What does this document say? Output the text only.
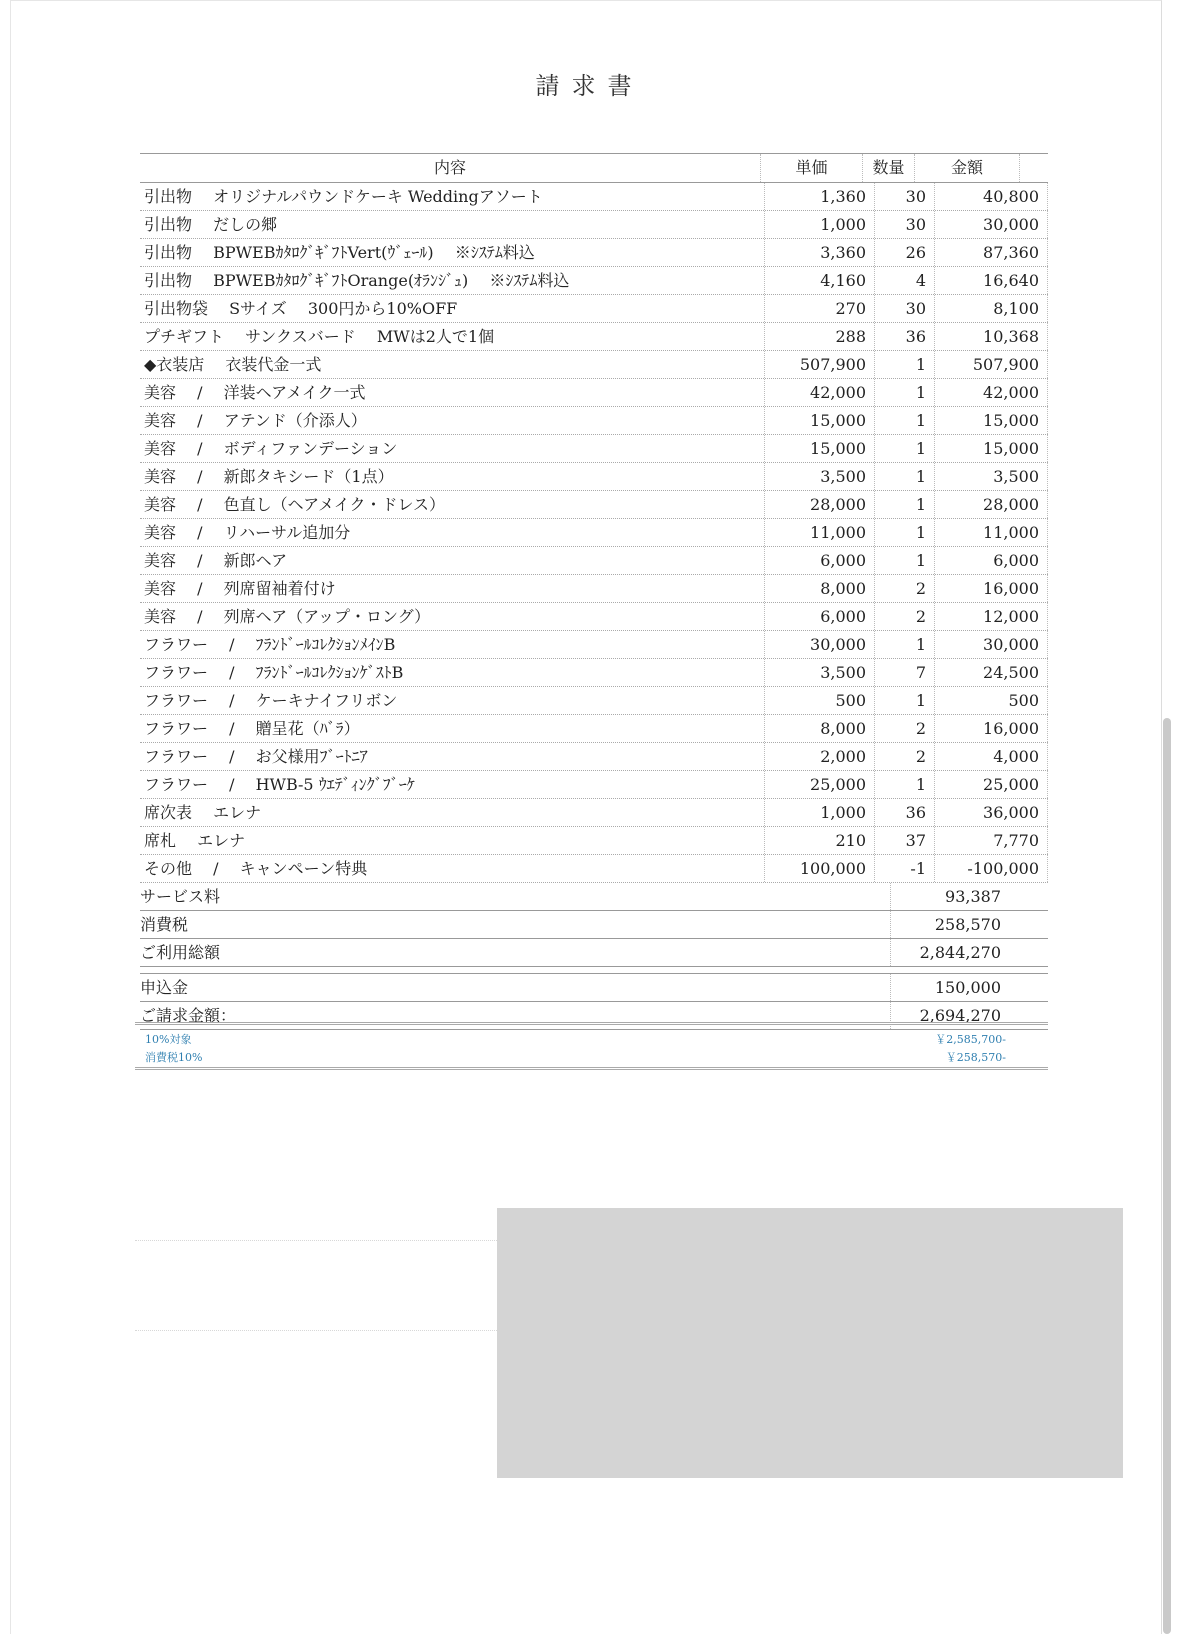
請求書
内容	単価	数量	金額
引出物　 オリジナルパウンドケーキ Weddingアソート	1,360	30	40,800
引出物　 だしの郷	1,000	30	30,000
引出物　 BPWEBｶﾀﾛｸﾞｷﾞﾌﾄVert(ｳﾞｪｰﾙ)　 ※ｼｽﾃﾑ料込	3,360	26	87,360
引出物　 BPWEBｶﾀﾛｸﾞｷﾞﾌﾄOrange(ｵﾗﾝｼﾞｭ)　 ※ｼｽﾃﾑ料込	4,160	4	16,640
引出物袋　 Sサイズ　 300円から10%OFF	270	30	8,100
プチギフト　 サンクスバード　 MWは2人で1個	288	36	10,368
◆衣装店　 衣装代金一式	507,900	1	507,900
美容　 /　 洋装ヘアメイク一式	42,000	1	42,000
美容　 /　 アテンド（介添人）	15,000	1	15,000
美容　 /　 ボディファンデーション	15,000	1	15,000
美容　 /　 新郎タキシード（1点）	3,500	1	3,500
美容　 /　 色直し（ヘアメイク・ドレス）	28,000	1	28,000
美容　 /　 リハーサル追加分	11,000	1	11,000
美容　 /　 新郎ヘア	6,000	1	6,000
美容　 /　 列席留袖着付け	8,000	2	16,000
美容　 /　 列席ヘア（アップ・ロング）	6,000	2	12,000
フラワー　 /　 ﾌﾗﾝﾄﾞｰﾙｺﾚｸｼｮﾝﾒｲﾝB	30,000	1	30,000
フラワー　 /　 ﾌﾗﾝﾄﾞｰﾙｺﾚｸｼｮﾝｹﾞｽﾄB	3,500	7	24,500
フラワー　 /　 ケーキナイフリボン	500	1	500
フラワー　 /　 贈呈花（ﾊﾞﾗ）	8,000	2	16,000
フラワー　 /　 お父様用ﾌﾞｰﾄﾆｱ	2,000	2	4,000
フラワー　 /　 HWB-5 ｳｴﾃﾞｨﾝｸﾞﾌﾞｰｹ	25,000	1	25,000
席次表　 エレナ	1,000	36	36,000
席札　 エレナ	210	37	7,770
その他　 /　 キャンペーン特典	100,000	-1	-100,000
サービス料	93,387
消費税	258,570
ご利用総額	2,844,270
申込金	150,000
ご請求金額：	2,694,270
10%対象	￥2,585,700-
消費税10%	￥258,570-
